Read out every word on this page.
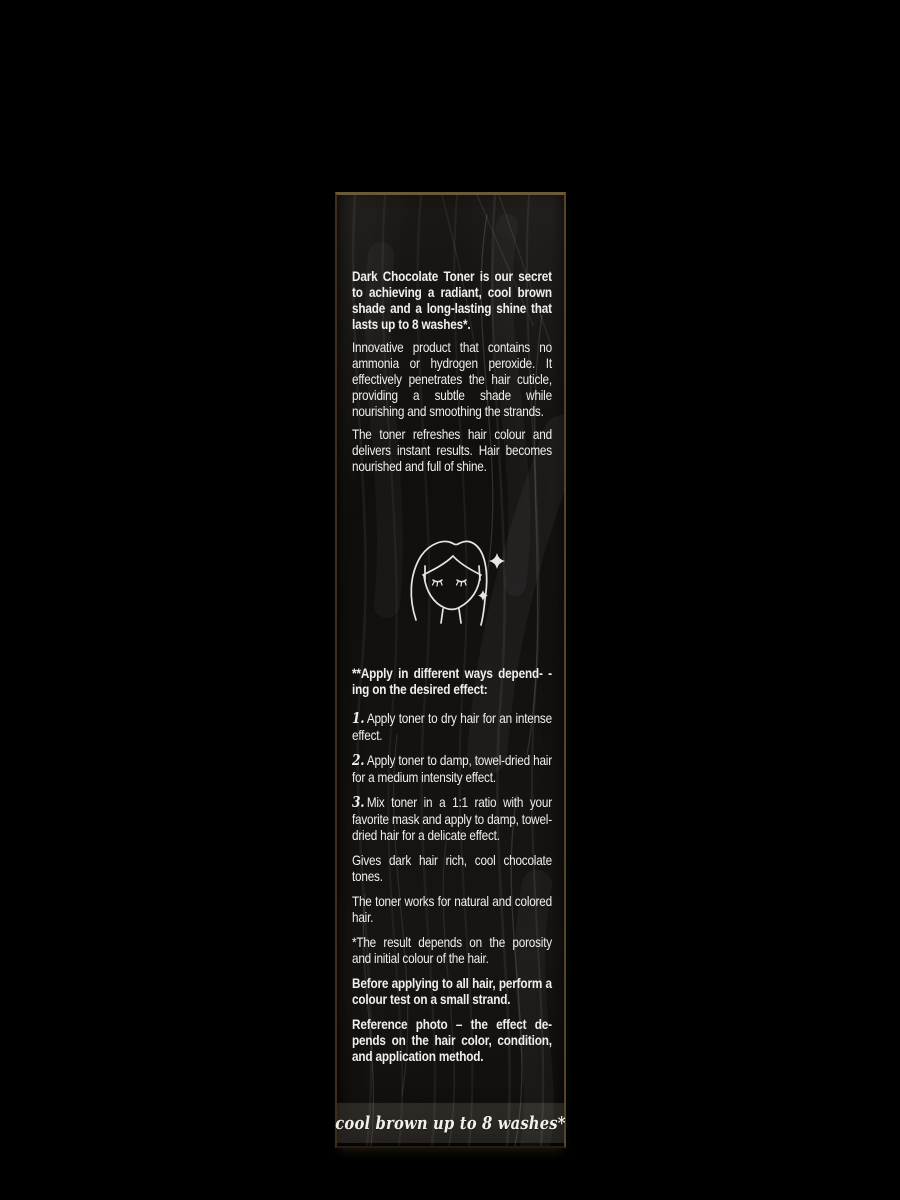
Dark Chocolate Toner is our secret to achieving a radiant, cool brown shade and a long-lasting shine that lasts up to 8 washes*.

Innovative product that contains no ammonia or hydrogen peroxide. It effectively penetrates the hair cuticle, providing a subtle shade while nourishing and smoothing the strands.

The toner refreshes hair colour and delivers instant results. Hair becomes nourished and full of shine.

**Apply in different ways depend- -ing on the desired effect:

1. Apply toner to dry hair for an intense effect.

2. Apply toner to damp, towel-dried hair for a medium intensity effect.

3. Mix toner in a 1:1 ratio with your favorite mask and apply to damp, towel-dried hair for a delicate effect.

Gives dark hair rich, cool chocolate tones.

The toner works for natural and colored hair.

*The result depends on the porosity and initial colour of the hair.

Before applying to all hair, perform a colour test on a small strand.

Reference photo – the effect de- pends on the hair color, condition, and application method.

cool brown up to 8 washes*
